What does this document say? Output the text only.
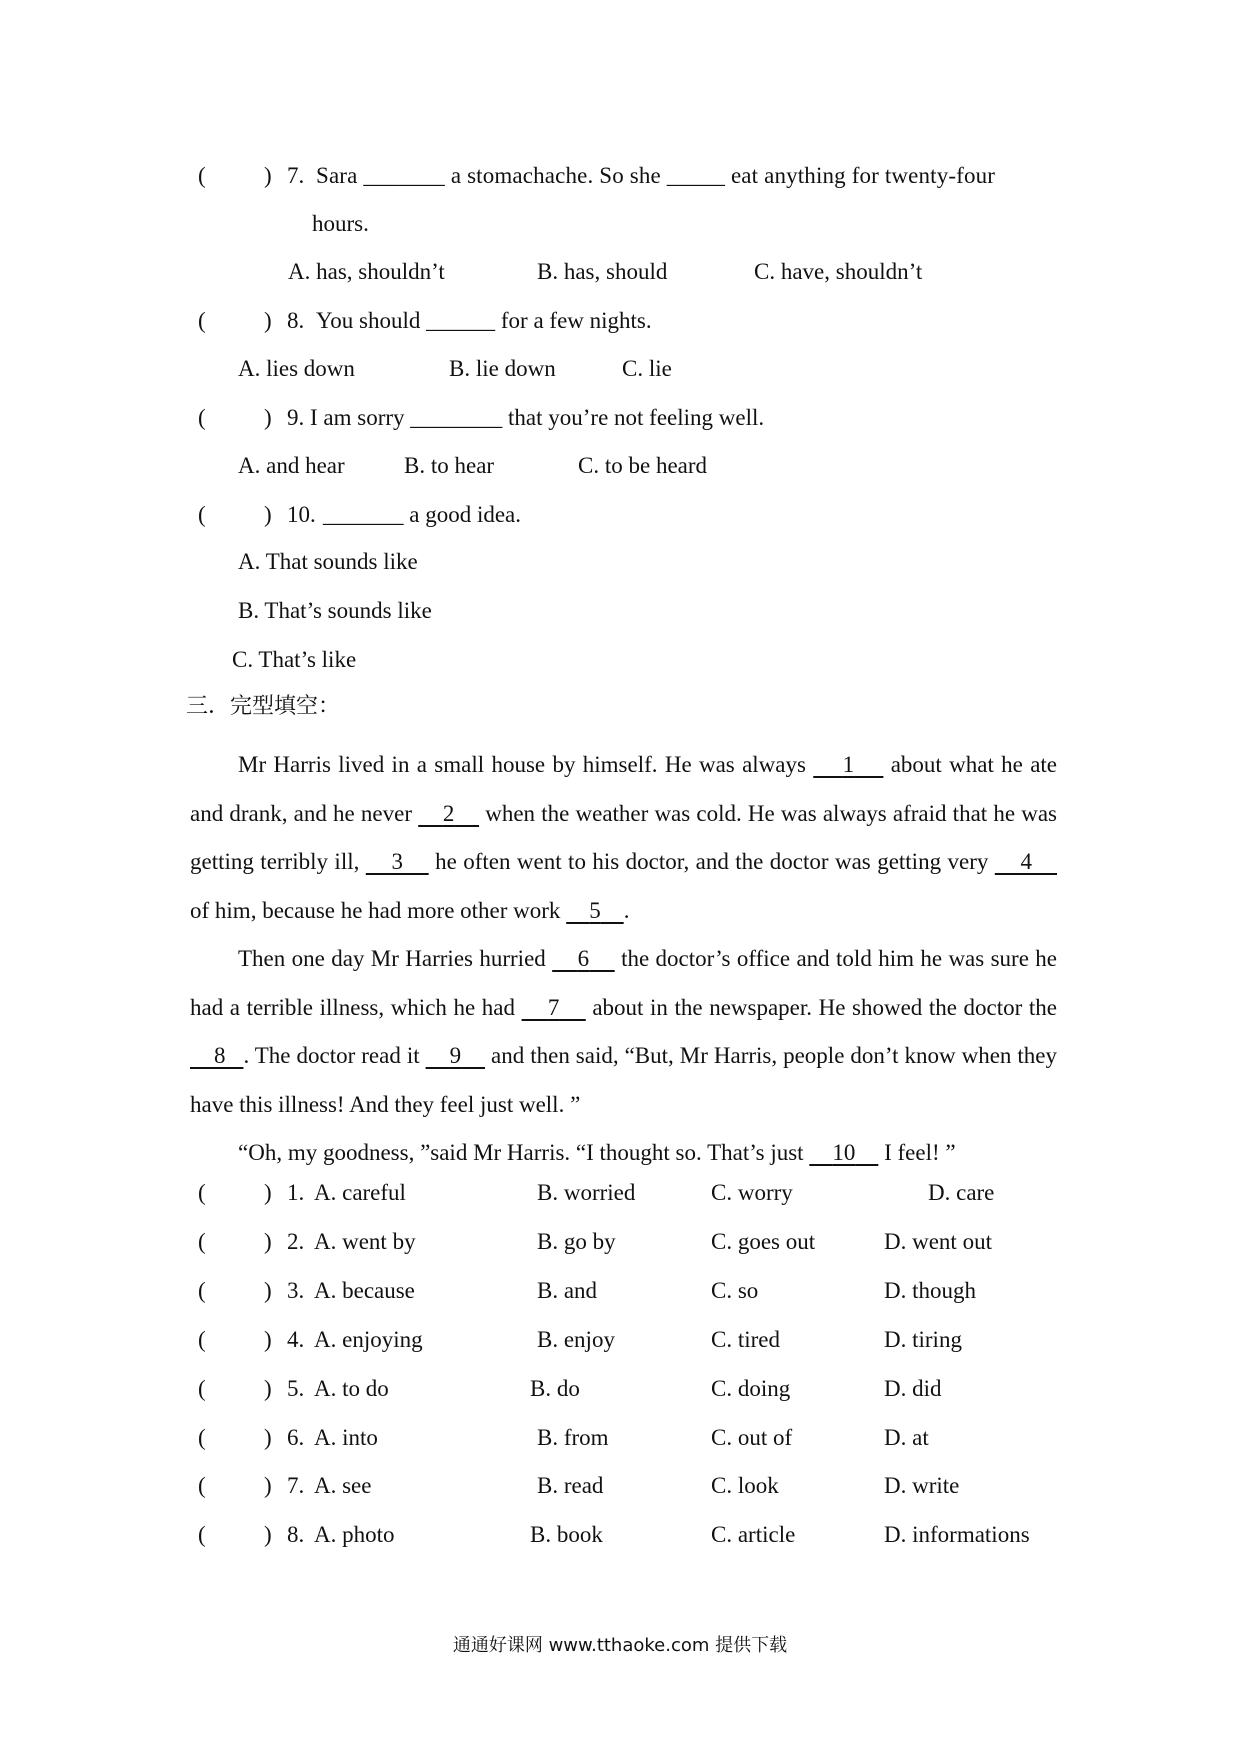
(	) 7. Sara _______ a stomachache. So she _____ eat anything for twenty-four
hours.
A. has, shouldn’t	B. has, should	C. have, shouldn’t
(	) 8. You should ______ for a few nights.
A. lies down	B. lie down	C. lie
(	) 9. I am sorry ________ that you’re not feeling well.
A. and hear	B. to hear	C. to be heard
(	) 10. _______ a good idea.
A. That sounds like
B. That’s sounds like
C. That’s like
三．完型填空：
Mr Harris lived in a small house by himself. He was always     1     about what he ate and drank, and he never     2     when the weather was cold. He was always afraid that he was getting terribly ill,     3     he often went to his doctor, and the doctor was getting very     4     of him, because he had more other work     5 .
Then one day Mr Harries hurried     6     the doctor’s office and told him he was sure he had a terrible illness, which he had     7     about in the newspaper. He showed the doctor the     8 . The doctor read it     9     and then said, “But, Mr Harris, people don’t know when they have this illness! And they feel just well. ”
“Oh, my goodness, ”said Mr Harris. “I thought so. That’s just     10     I feel! ”
(	) 1. A. careful	B. worried	C. worry	D. care
(	) 2. A. went by	B. go by	C. goes out	D. went out
(	) 3. A. because	B. and	C. so	D. though
(	) 4. A. enjoying	B. enjoy	C. tired	D. tiring
(	) 5. A. to do	B. do	C. doing	D. did
(	) 6. A. into	B. from	C. out of	D. at
(	) 7. A. see	B. read	C. look	D. write
(	) 8. A. photo	B. book	C. article	D. informations
通通好课网 www.tthaoke.com 提供下载
